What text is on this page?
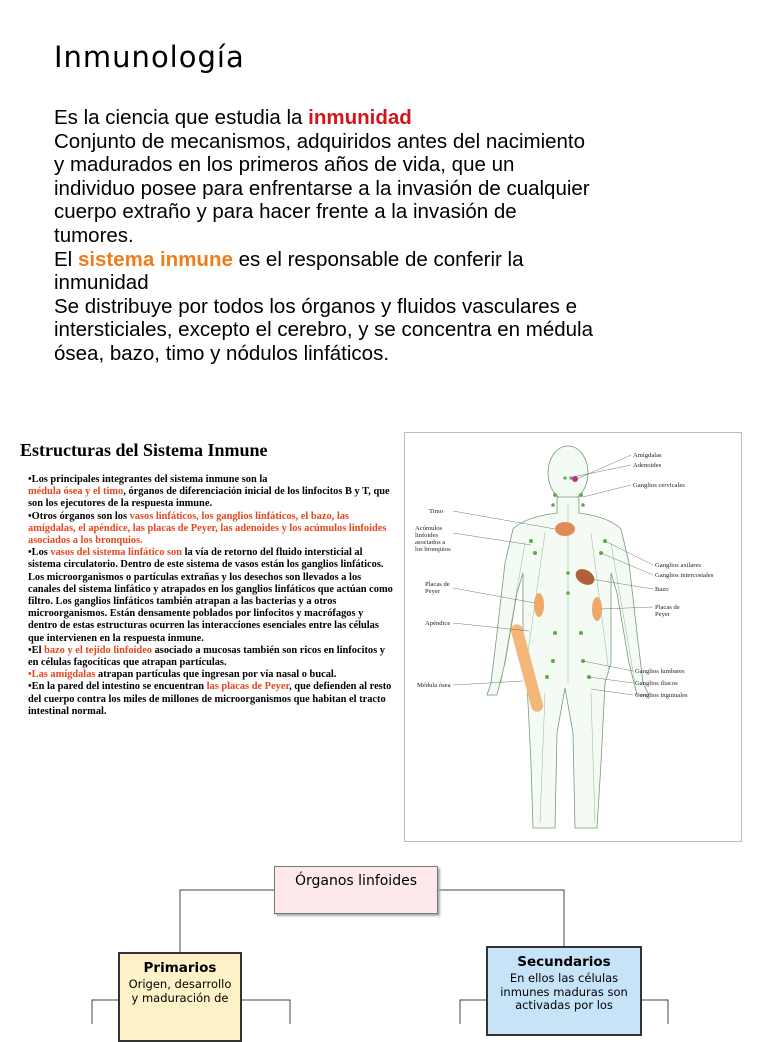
Inmunología

Es la ciencia que estudia la inmunidad

Conjunto de mecanismos, adquiridos antes del nacimiento

y madurados en los primeros años de vida, que un

individuo posee para enfrentarse a la invasión de cualquier

cuerpo extraño y para hacer frente a la invasión de

tumores.

El sistema inmune es el responsable de conferir la

inmunidad

Se distribuye por todos los órganos y fluidos vasculares e

intersticiales, excepto el cerebro, y se concentra en médula

ósea, bazo, timo y nódulos linfáticos.

Estructuras del Sistema Inmune

•Los principales integrantes del sistema inmune son la
médula ósea y el timo, órganos de diferenciación inicial de los linfocitos B y T, que son los ejecutores de la respuesta inmune.

•Otros órganos son los vasos linfáticos, los ganglios linfáticos, el bazo, las amígdalas, el apéndice, las placas de Peyer, las adenoides y los acúmulos linfoides asociados a los bronquios.

•Los vasos del sistema linfático son la vía de retorno del fluido intersticial al sistema circulatorio. Dentro de este sistema de vasos están los ganglios linfáticos. Los microorganismos o partículas extrañas y los desechos son llevados a los canales del sistema linfático y atrapados en los ganglios linfáticos que actúan como filtro. Los ganglios linfáticos también atrapan a las bacterias y a otros microorganismos. Están densamente poblados por linfocitos y macrófagos y dentro de estas estructuras ocurren las interacciones esenciales entre las células que intervienen en la respuesta inmune.

•El bazo y el tejido linfoideo asociado a mucosas también son ricos en linfocitos y en células fagocíticas que atrapan partículas.

•Las amígdalas atrapan partículas que ingresan por vía nasal o bucal.

•En la pared del intestino se encuentran las placas de Peyer, que defienden al resto del cuerpo contra los miles de millones de microorganismos que habitan el tracto intestinal normal.

Timo
Acúmulos linfoides asociados a los bronquios
Placas de Peyer
Apéndice
Médula ósea
Amígdalas
Adenoides
Ganglios cervicales
Ganglios axilares
Ganglios intercostales
Bazo
Placas de Peyer
Ganglios lumbares
Ganglios iliacos
Ganglios inguinales
Órganos linfoides
Primarios
Origen, desarrollo y maduración de
Secundarios
En ellos las células inmunes maduras son activadas por los
